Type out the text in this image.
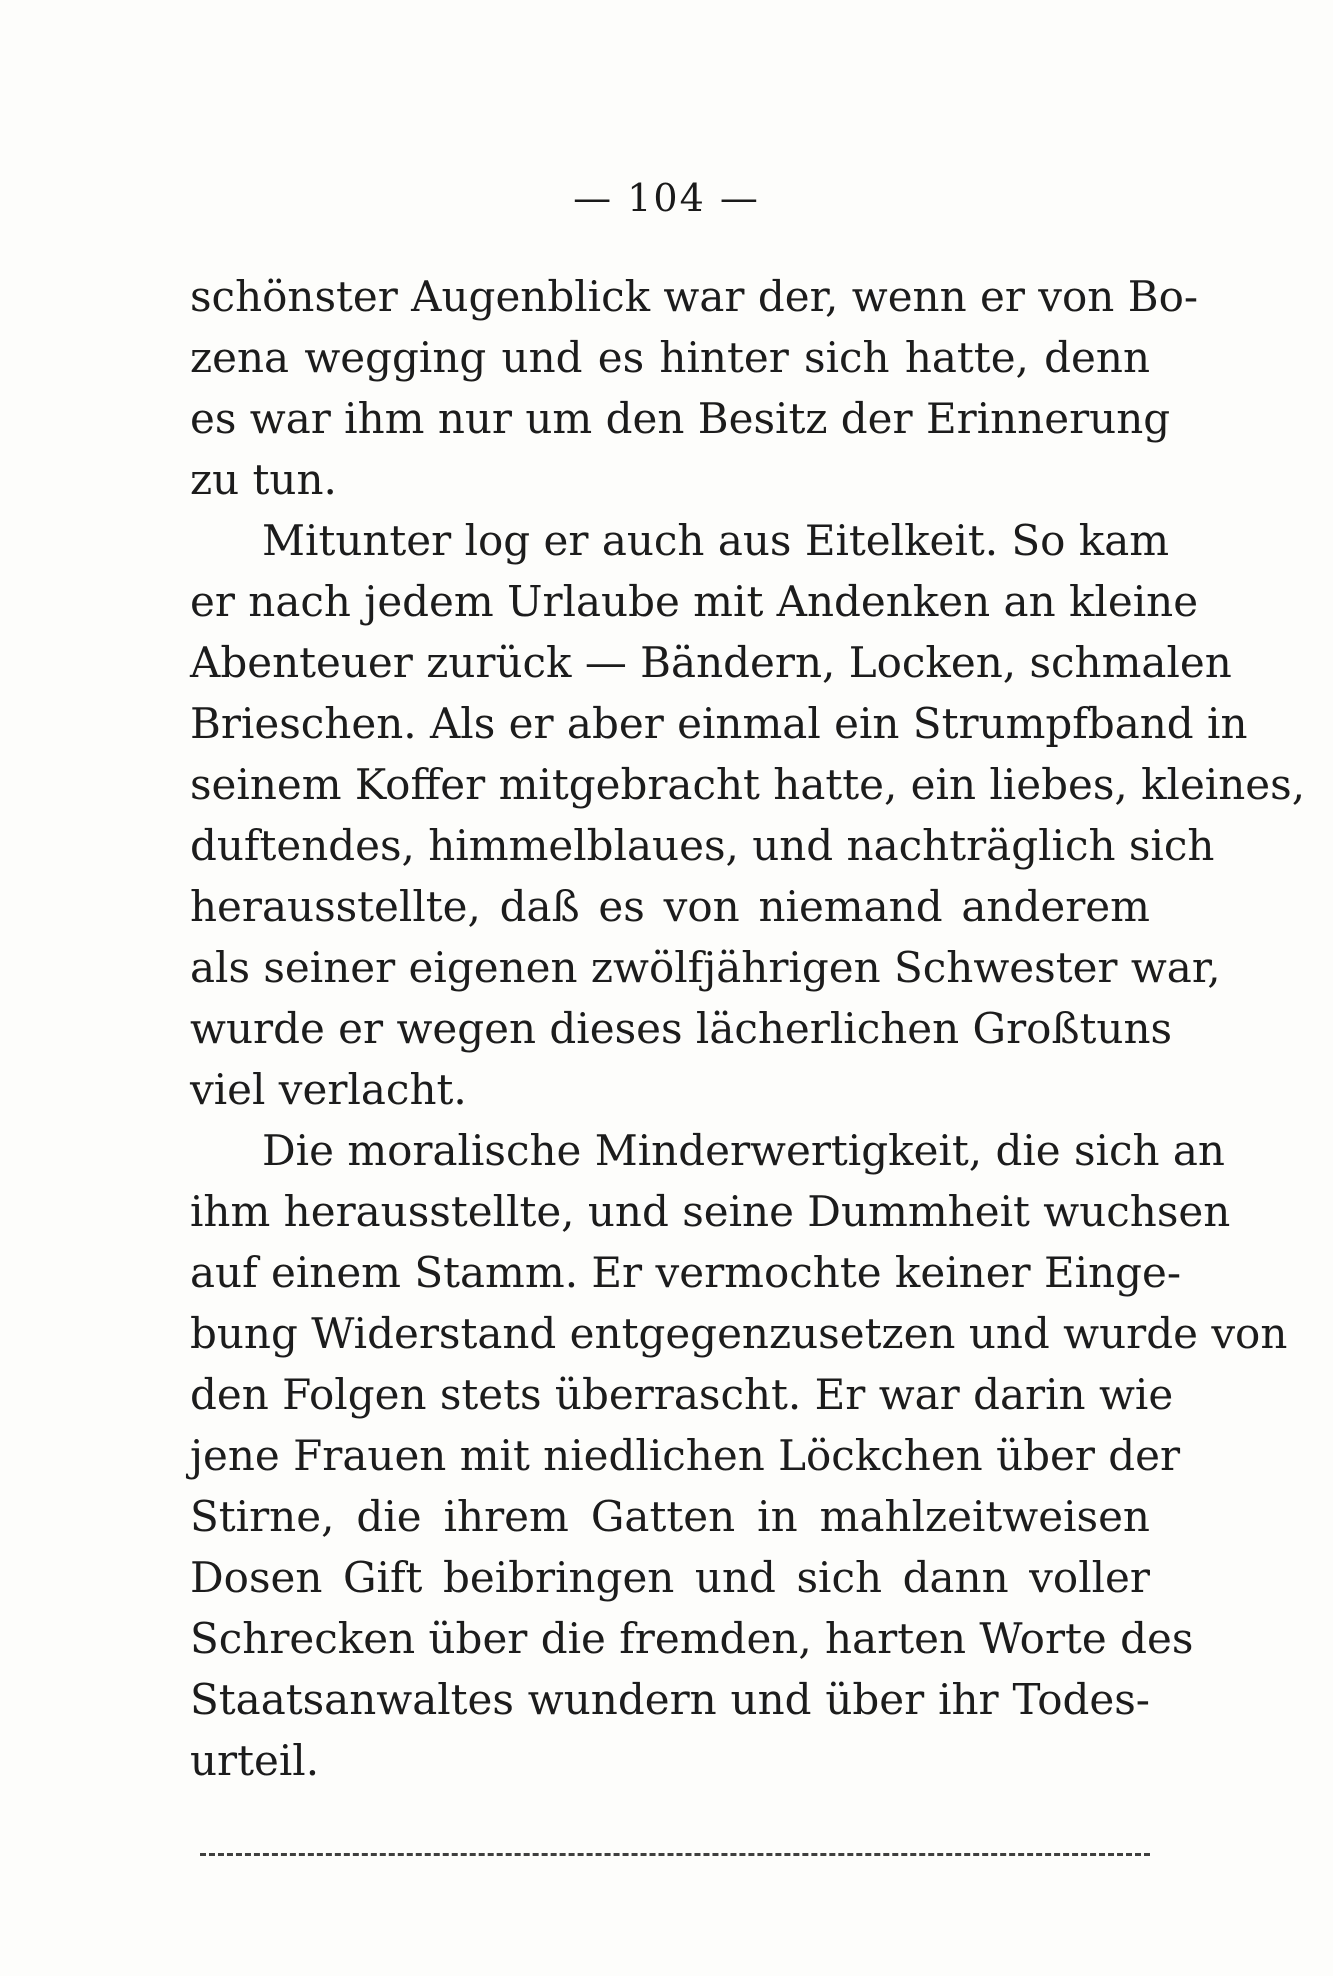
— 104 —
schönster Augenblick war der, wenn er von Bo-
zena wegging und es hinter sich hatte, denn
es war ihm nur um den Besitz der Erinnerung
zu tun.
Mitunter log er auch aus Eitelkeit. So kam
er nach jedem Urlaube mit Andenken an kleine
Abenteuer zurück — Bändern, Locken, schmalen
Brieschen. Als er aber einmal ein Strumpfband in
seinem Koffer mitgebracht hatte, ein liebes, kleines,
duftendes, himmelblaues, und nachträglich sich
herausstellte, daß es von niemand anderem
als seiner eigenen zwölfjährigen Schwester war,
wurde er wegen dieses lächerlichen Großtuns
viel verlacht.
Die moralische Minderwertigkeit, die sich an
ihm herausstellte, und seine Dummheit wuchsen
auf einem Stamm. Er vermochte keiner Einge-
bung Widerstand entgegenzusetzen und wurde von
den Folgen stets überrascht. Er war darin wie
jene Frauen mit niedlichen Löckchen über der
Stirne, die ihrem Gatten in mahlzeitweisen
Dosen Gift beibringen und sich dann voller
Schrecken über die fremden, harten Worte des
Staatsanwaltes wundern und über ihr Todes-
urteil.
